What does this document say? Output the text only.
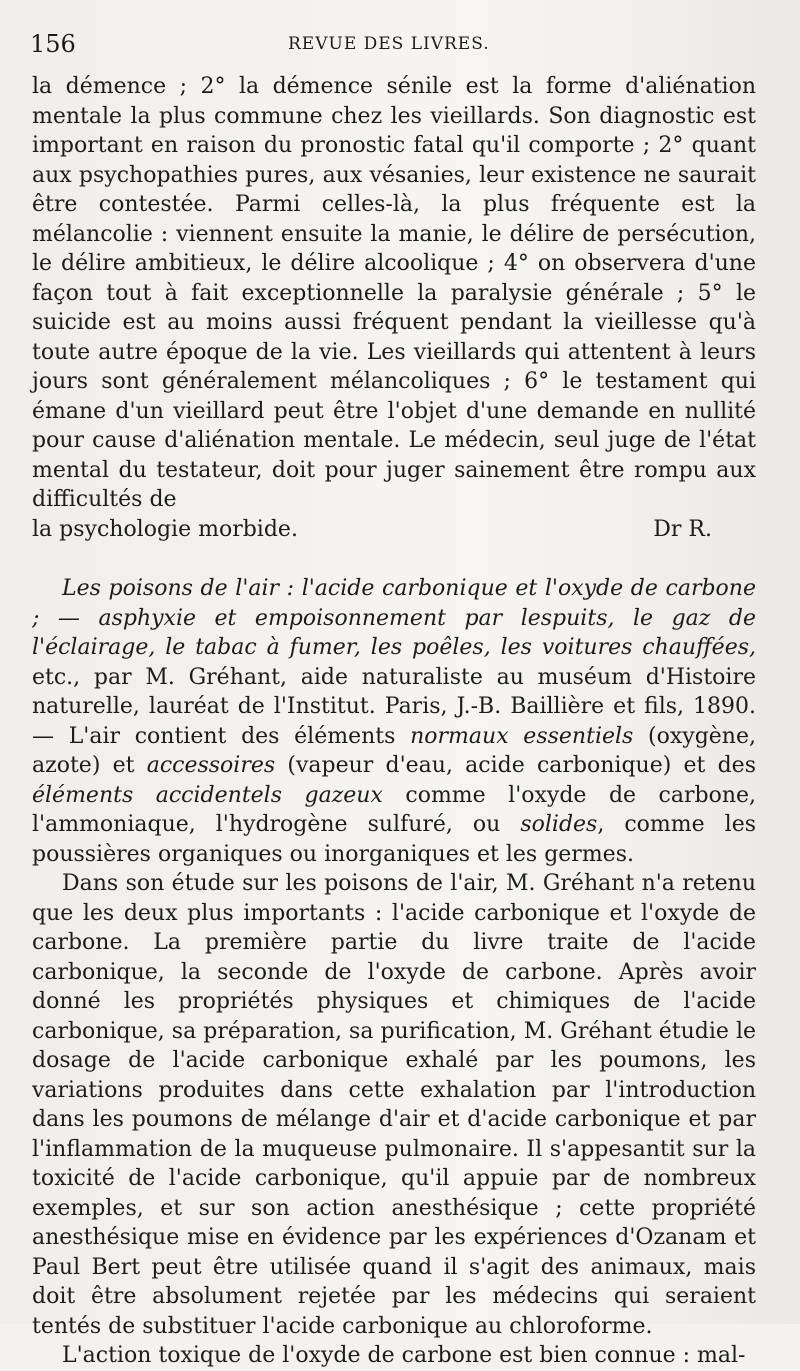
156	REVUE DES LIVRES.

la démence ; 2° la démence sénile est la forme d'aliénation mentale la plus commune chez les vieillards. Son diagnostic est important en raison du pronostic fatal qu'il comporte ; 2° quant aux psychopathies pures, aux vésanies, leur existence ne saurait être contestée. Parmi celles-là, la plus fréquente est la mélancolie : viennent ensuite la manie, le délire de persécution, le délire ambitieux, le délire alcoolique ; 4° on observera d'une façon tout à fait exceptionnelle la paralysie générale ; 5° le suicide est au moins aussi fréquent pendant la vieillesse qu'à toute autre époque de la vie. Les vieillards qui attentent à leurs jours sont généralement mélancoliques ; 6° le testament qui émane d'un vieillard peut être l'objet d'une demande en nullité pour cause d'aliénation mentale. Le médecin, seul juge de l'état mental du testateur, doit pour juger sainement être rompu aux difficultés de

la psychologie morbide.	Dr R.

Les poisons de l'air : l'acide carbonique et l'oxyde de carbone ; — asphyxie et empoisonnement par lespuits, le gaz de l'éclairage, le tabac à fumer, les poêles, les voitures chauffées, etc., par M. Gréhant, aide naturaliste au muséum d'Histoire naturelle, lauréat de l'Institut. Paris, J.-B. Baillière et fils, 1890. — L'air contient des éléments normaux essentiels (oxygène, azote) et accessoires (vapeur d'eau, acide carbonique) et des éléments accidentels gazeux comme l'oxyde de carbone, l'ammoniaque, l'hydrogène sulfuré, ou solides, comme les poussières organiques ou inorganiques et les germes.

Dans son étude sur les poisons de l'air, M. Gréhant n'a retenu que les deux plus importants : l'acide carbonique et l'oxyde de carbone. La première partie du livre traite de l'acide carbonique, la seconde de l'oxyde de carbone. Après avoir donné les propriétés physiques et chimiques de l'acide carbonique, sa préparation, sa purification, M. Gréhant étudie le dosage de l'acide carbonique exhalé par les poumons, les variations produites dans cette exhalation par l'introduction dans les poumons de mélange d'air et d'acide carbonique et par l'inflammation de la muqueuse pulmonaire. Il s'appesantit sur la toxicité de l'acide carbonique, qu'il appuie par de nombreux exemples, et sur son action anesthésique ; cette propriété anesthésique mise en évidence par les expériences d'Ozanam et Paul Bert peut être utilisée quand il s'agit des animaux, mais doit être absolument rejetée par les médecins qui seraient tentés de substituer l'acide carbonique au chloroforme.

L'action toxique de l'oxyde de carbone est bien connue : mal-
